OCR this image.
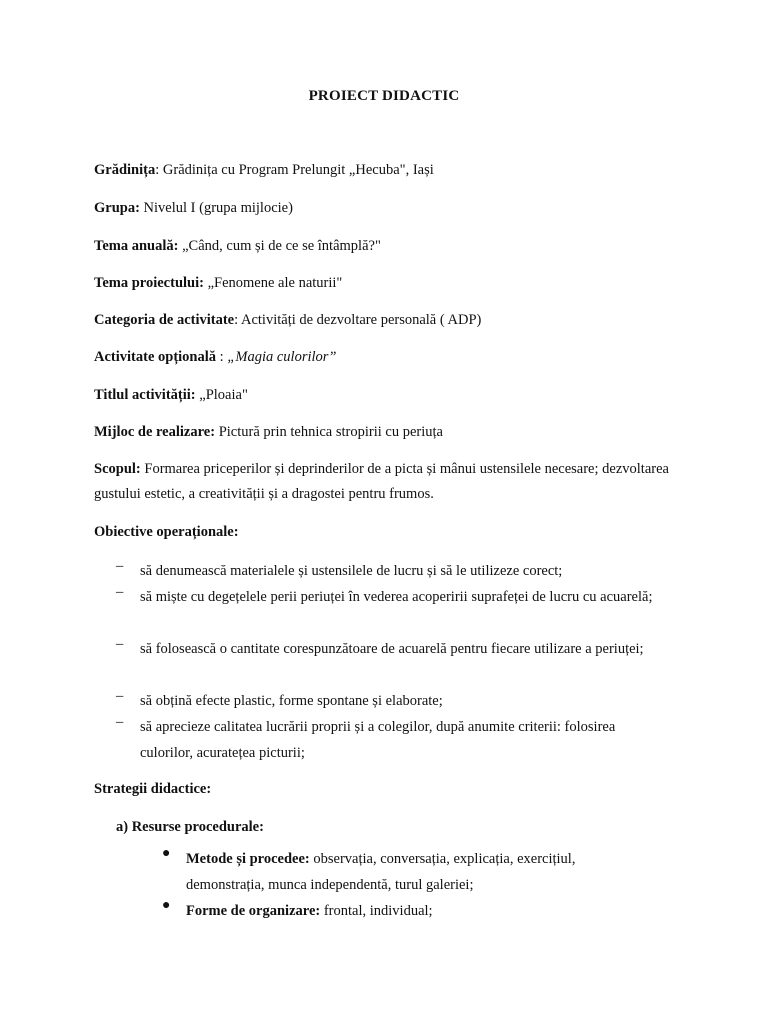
PROIECT DIDACTIC
Grădinița: Grădinița cu Program Prelungit „Hecuba", Iași
Grupa: Nivelul I (grupa mijlocie)
Tema anuală: „Când, cum și de ce se întâmplă?"
Tema proiectului: „Fenomene ale naturii"
Categoria de activitate: Activități de dezvoltare personală ( ADP)
Activitate opțională : „Magia culorilor”
Titlul activității: „Ploaia"
Mijloc de realizare: Pictură prin tehnica stropirii cu periuța
Scopul: Formarea priceperilor și deprinderilor de a picta și mânui ustensilele necesare; dezvoltarea gustului estetic, a creativității și a dragostei pentru frumos.
Obiective operaționale:
– să denumească materialele și ustensilele de lucru și să le utilizeze corect;
– să miște cu degețelele perii periuței în vederea acoperirii suprafeței de lucru cu acuarelă;
– să folosească o cantitate corespunzătoare de acuarelă pentru fiecare utilizare a periuței;
– să obțină efecte plastic, forme spontane și elaborate;
– să aprecieze calitatea lucrării proprii și a colegilor, după anumite criterii: folosirea culorilor, acuratețea picturii;
Strategii didactice:
a) Resurse procedurale:
● Metode și procedee: observația, conversația, explicația, exercițiul, demonstrația, munca independentă, turul galeriei;
● Forme de organizare: frontal, individual;
